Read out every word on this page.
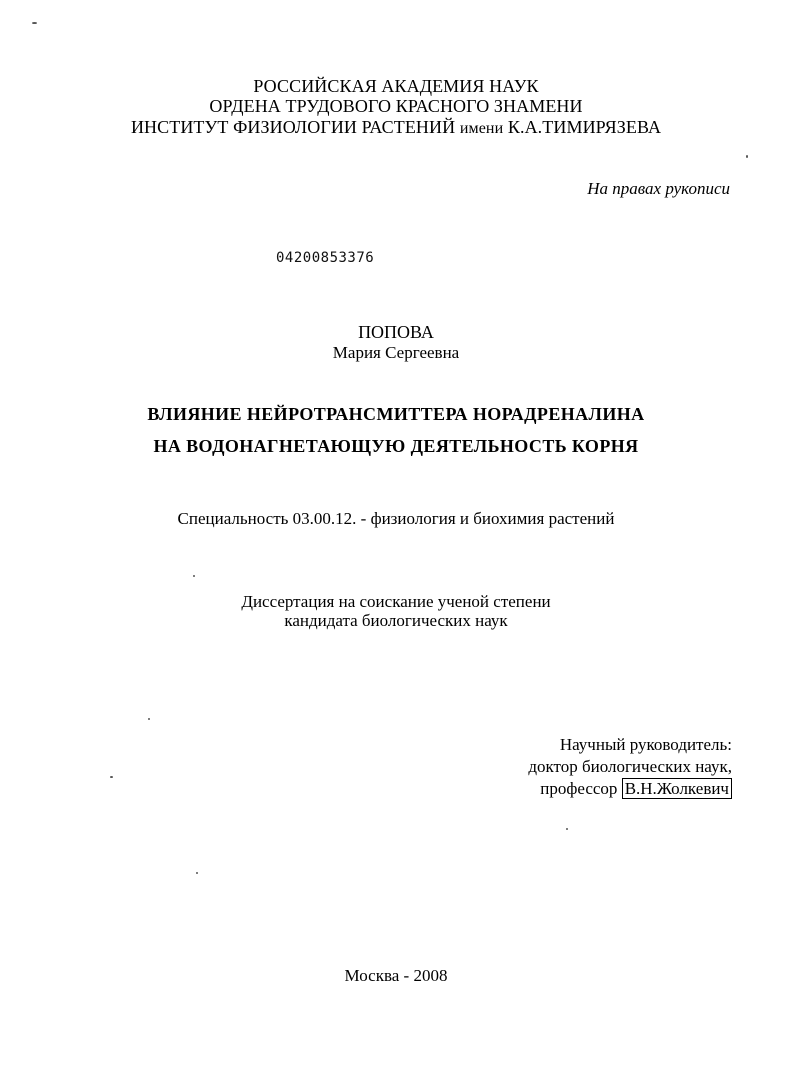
РОССИЙСКАЯ АКАДЕМИЯ НАУК
ОРДЕНА ТРУДОВОГО КРАСНОГО ЗНАМЕНИ
ИНСТИТУТ ФИЗИОЛОГИИ РАСТЕНИЙ имени К.А.ТИМИРЯЗЕВА
На правах рукописи
04200853376
ПОПОВА
Мария Сергеевна
ВЛИЯНИЕ НЕЙРОТРАНСМИТТЕРА НОРАДРЕНАЛИНА
НА ВОДОНАГНЕТАЮЩУЮ ДЕЯТЕЛЬНОСТЬ КОРНЯ
Специальность 03.00.12. - физиология и биохимия растений
Диссертация на соискание ученой степени
кандидата биологических наук
Научный руководитель:
доктор биологических наук,
профессор В.Н.Жолкевич
Москва - 2008
